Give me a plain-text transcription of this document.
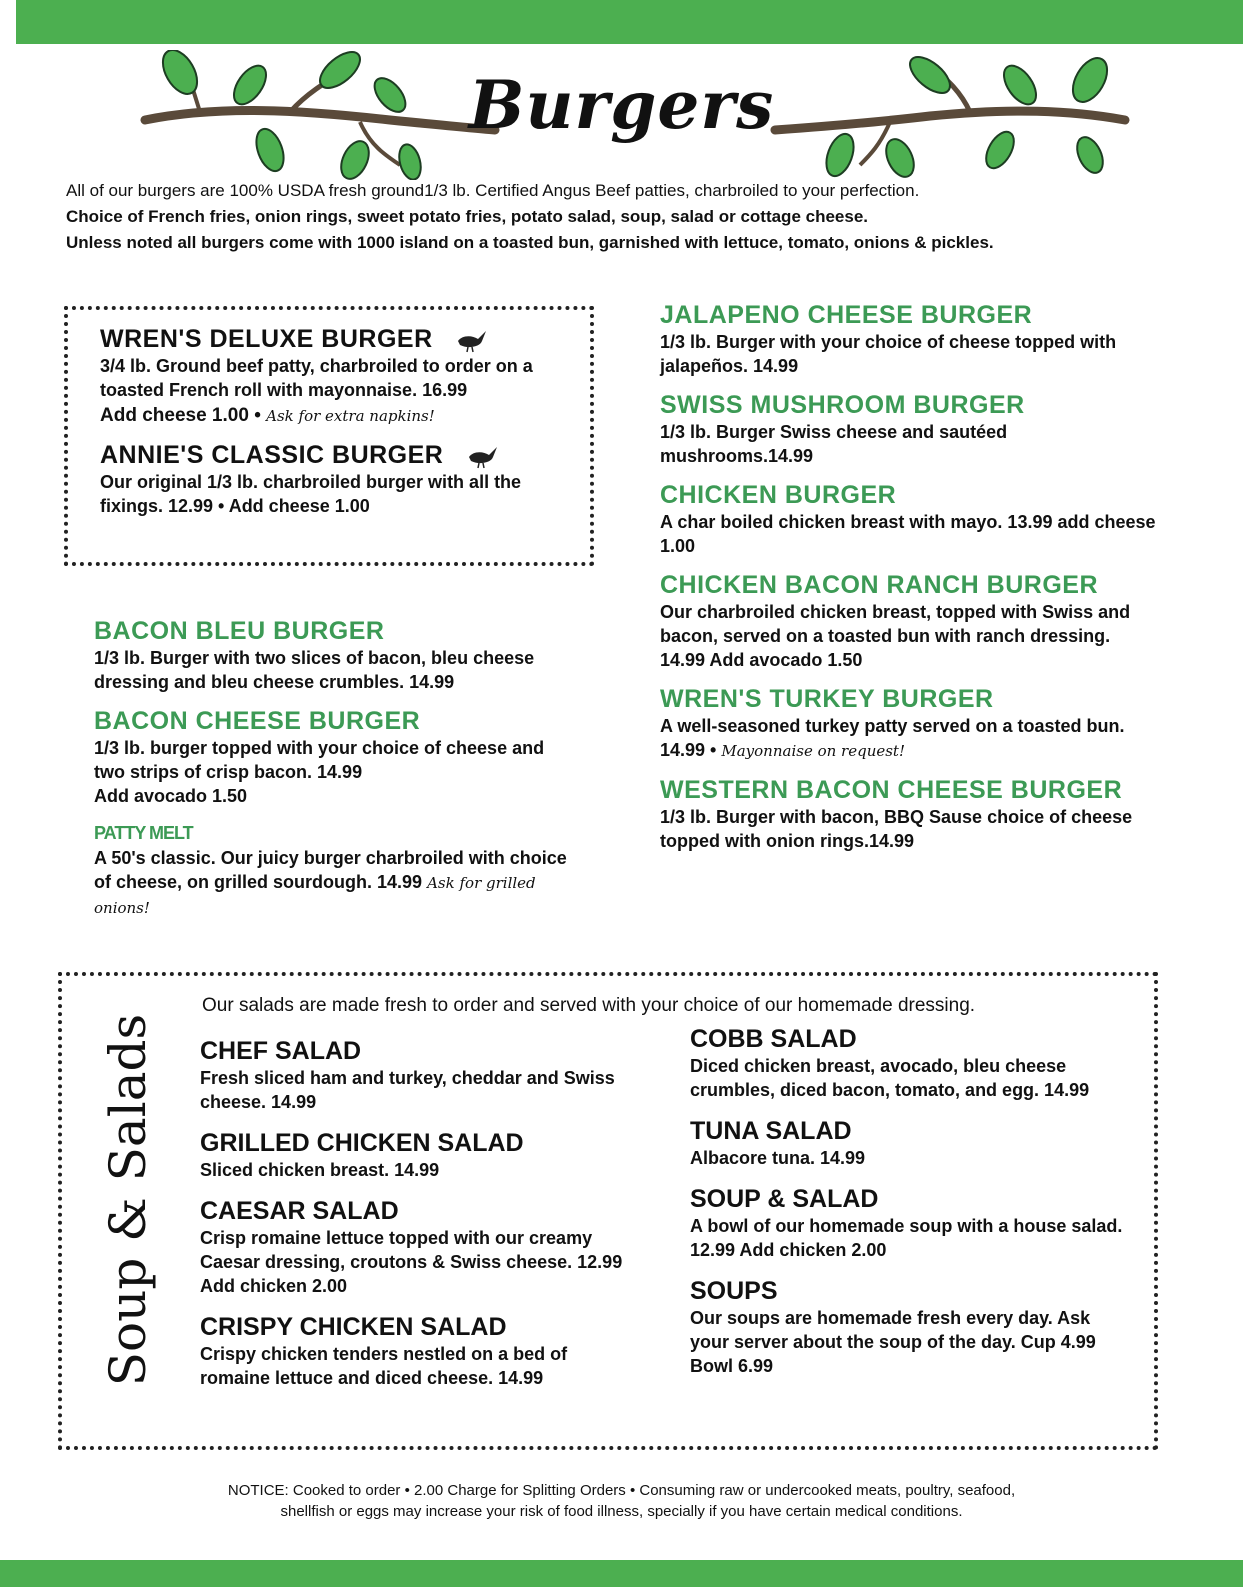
Burgers

All of our burgers are 100% USDA fresh ground1/3 lb. Certified Angus Beef patties, charbroiled to your perfection.

Choice of French fries, onion rings, sweet potato fries, potato salad, soup, salad or cottage cheese.

Unless noted all burgers come with 1000 island on a toasted bun, garnished with lettuce, tomato, onions & pickles.

WREN'S DELUXE BURGER

3/4 lb. Ground beef patty, charbroiled to order on a toasted French roll with mayonnaise. 16.99

Add cheese 1.00 • Ask for extra napkins!

ANNIE'S CLASSIC BURGER

Our original 1/3 lb. charbroiled burger with all the fixings. 12.99 • Add cheese 1.00

BACON BLEU BURGER

1/3 lb. Burger with two slices of bacon, bleu cheese dressing and bleu cheese crumbles. 14.99

BACON CHEESE BURGER

1/3 lb. burger topped with your choice of cheese and two strips of crisp bacon. 14.99

Add avocado 1.50

PATTY MELT

A 50's classic. Our juicy burger charbroiled with choice of cheese, on grilled sourdough. 14.99 Ask for grilled onions!

JALAPENO CHEESE BURGER

1/3 lb. Burger with your choice of cheese topped with jalapeños. 14.99

SWISS MUSHROOM BURGER

1/3 lb. Burger Swiss cheese and sautéed mushrooms.14.99

CHICKEN BURGER

A char boiled chicken breast with mayo. 13.99 add cheese 1.00

CHICKEN BACON RANCH BURGER

Our charbroiled chicken breast, topped with Swiss and bacon, served on a toasted bun with ranch dressing. 14.99 Add avocado 1.50

WREN'S TURKEY BURGER

A well-seasoned turkey patty served on a toasted bun. 14.99 • Mayonnaise on request!

WESTERN BACON CHEESE BURGER

1/3 lb. Burger with bacon, BBQ Sause choice of cheese topped with onion rings.14.99

Soup & Salads
Our salads are made fresh to order and served with your choice of our homemade dressing.

CHEF SALAD

Fresh sliced ham and turkey, cheddar and Swiss cheese. 14.99

GRILLED CHICKEN SALAD

Sliced chicken breast. 14.99

CAESAR SALAD

Crisp romaine lettuce topped with our creamy Caesar dressing, croutons & Swiss cheese. 12.99 Add chicken 2.00

CRISPY CHICKEN SALAD

Crispy chicken tenders nestled on a bed of romaine lettuce and diced cheese. 14.99

COBB SALAD

Diced chicken breast, avocado, bleu cheese crumbles, diced bacon, tomato, and egg. 14.99

TUNA SALAD

Albacore tuna. 14.99

SOUP & SALAD

A bowl of our homemade soup with a house salad. 12.99 Add chicken 2.00

SOUPS

Our soups are homemade fresh every day. Ask your server about the soup of the day. Cup 4.99 Bowl 6.99

NOTICE: Cooked to order • 2.00 Charge for Splitting Orders • Consuming raw or undercooked meats, poultry, seafood,

shellfish or eggs may increase your risk of food illness, specially if you have certain medical conditions.
